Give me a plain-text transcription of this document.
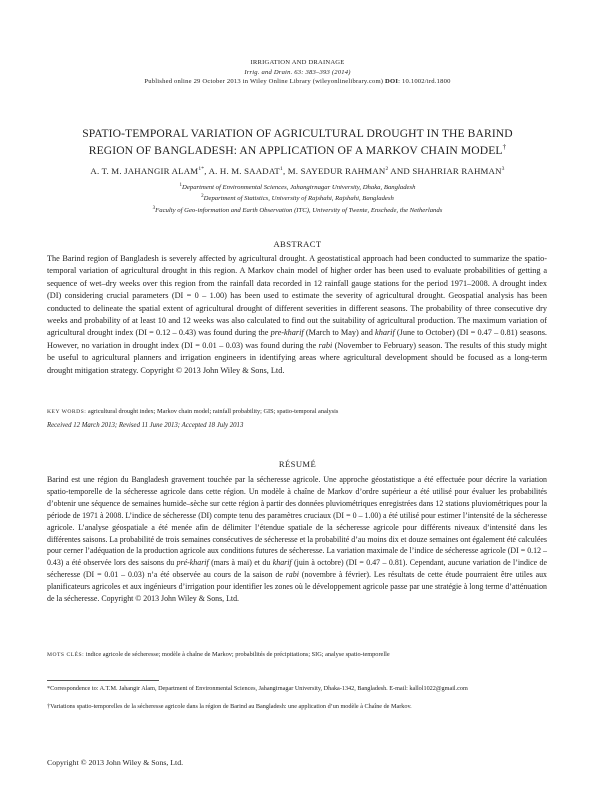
IRRIGATION AND DRAINAGE
Irrig. and Drain. 63: 383–393 (2014)
Published online 29 October 2013 in Wiley Online Library (wileyonlinelibrary.com) DOI: 10.1002/ird.1800
SPATIO-TEMPORAL VARIATION OF AGRICULTURAL DROUGHT IN THE BARIND
REGION OF BANGLADESH: AN APPLICATION OF A MARKOV CHAIN MODEL†
A. T. M. JAHANGIR $ALAM^{1*}$, A. H. M. SAADAT$^1$, M. SAYEDUR RAHMAN$^2$ AND SHAHRIAR RAHMAN$^3$
$^1$Department of Environmental Sciences, Jahangirnagar University, Dhaka, Bangladesh
$^2$Department of Statistics, University of Rajshahi, Rajshahi, Bangladesh
$^3$Faculty of Geo-information and Earth Observation (ITC), University of Twente, Enschede, the Netherlands
ABSTRACT
The Barind region of Bangladesh is severely affected by agricultural drought. A geostatistical approach had been conducted to summarize the spatio-temporal variation of agricultural drought in this region. A Markov chain model of higher order has been used to evaluate probabilities of getting a sequence of wet–dry weeks over this region from the rainfall data recorded in 12 rainfall gauge stations for the period 1971–2008. A drought index (DI) considering crucial parameters (DI = 0 – 1.00) has been used to estimate the severity of agricultural drought. Geospatial analysis has been conducted to delineate the spatial extent of agricultural drought of different severities in different seasons. The probability of three consecutive dry weeks and probability of at least 10 and 12 weeks was also calculated to find out the suitability of agricultural production. The maximum variation of agricultural drought index (DI = 0.12 – 0.43) was found during the pre-kharif (March to May) and kharif (June to October) (DI = 0.47 – 0.81) seasons. However, no variation in drought index (DI = 0.01 – 0.03) was found during the rabi (November to February) season. The results of this study might be useful to agricultural planners and irrigation engineers in identifying areas where agricultural development should be focused as a long-term drought mitigation strategy. Copyright © 2013 John Wiley & Sons, Ltd.
KEY WORDS: agricultural drought index; Markov chain model; rainfall probability; GIS; spatio-temporal analysis
Received 12 March 2013; Revised 11 June 2013; Accepted 18 July 2013
RÉSUMÉ
Barind est une région du Bangladesh gravement touchée par la sécheresse agricole. Une approche géostatistique a été effectuée pour décrire la variation spatio-temporelle de la sécheresse agricole dans cette région. Un modèle à chaîne de Markov d’ordre supérieur a été utilisé pour évaluer les probabilités d’obtenir une séquence de semaines humide–sèche sur cette région à partir des données pluviométriques enregistrées dans 12 stations pluviométriques pour la période de 1971 à 2008. L’indice de sécheresse (DI) compte tenu des paramètres cruciaux (DI = 0 – 1.00) a été utilisé pour estimer l’intensité de la sécheresse agricole. L’analyse géospatiale a été menée afin de délimiter l’étendue spatiale de la sécheresse agricole pour différents niveaux d’intensité dans les différentes saisons. La probabilité de trois semaines consécutives de sécheresse et la probabilité d’au moins dix et douze semaines ont également été calculées pour cerner l’adéquation de la production agricole aux conditions futures de sécheresse. La variation maximale de l’indice de sécheresse agricole (DI = 0.12 – 0.43) a été observée lors des saisons du pré-kharif (mars à mai) et du kharif (juin à octobre) (DI = 0.47 – 0.81). Cependant, aucune variation de l’indice de sécheresse (DI = 0.01 – 0.03) n’a été observée au cours de la saison de rabi (novembre à février). Les résultats de cette étude pourraient être utiles aux planificateurs agricoles et aux ingénieurs d’irrigation pour identifier les zones où le développement agricole passe par une stratégie à long terme d’atténuation de la sécheresse. Copyright © 2013 John Wiley & Sons, Ltd.
MOTS CLÉS: indice agricole de sécheresse; modèle à chaîne de Markov; probabilités de précipitations; SIG; analyse spatio-temporelle
*Correspondence to: A.T.M. Jahangir Alam, Department of Environmental Sciences, Jahangirnagar University, Dhaka-1342, Bangladesh. E-mail: kallol1022@gmail.com
†Variations spatio-temporelles de la sécheresse agricole dans la région de Barind au Bangladesh: une application d’un modèle à Chaîne de Markov.
Copyright © 2013 John Wiley & Sons, Ltd.
